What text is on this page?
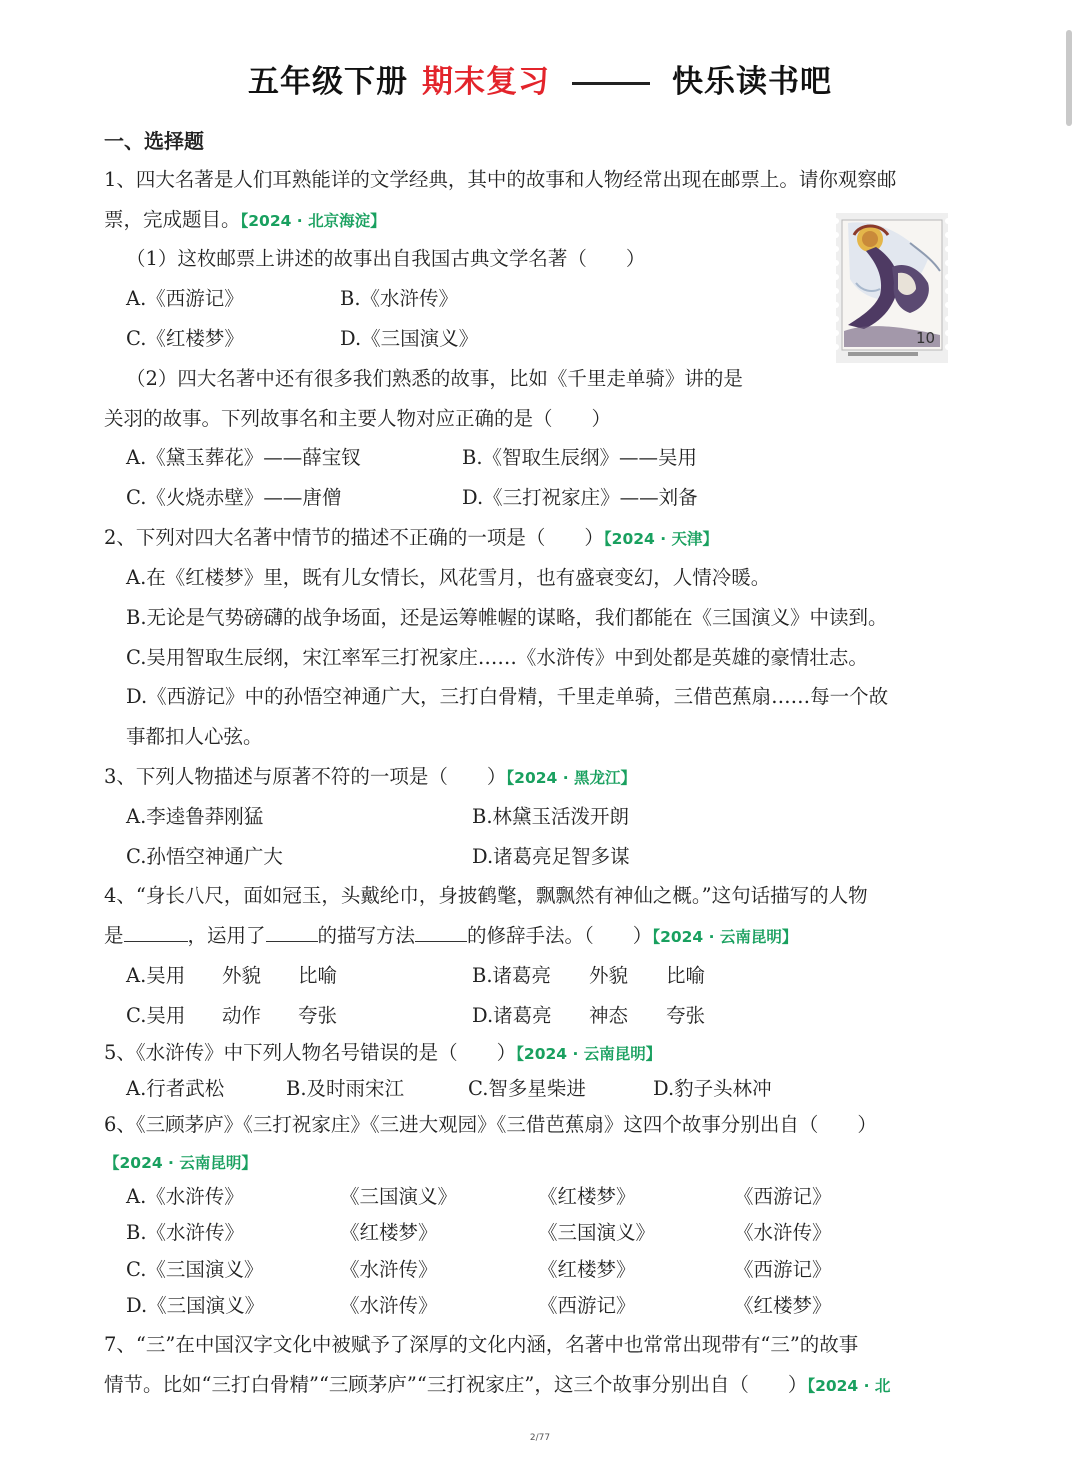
五年级下册 期末复习	快乐读书吧
一、选择题
1、四大名著是人们耳熟能详的文学经典，其中的故事和人物经常出现在邮票上。请你观察邮
票，完成题目。【2024 · 北京海淀】
（1）这枚邮票上讲述的故事出自我国古典文学名著（　　）
A.《西游记》	B.《水浒传》
C.《红楼梦》	D.《三国演义》
（2）四大名著中还有很多我们熟悉的故事，比如《千里走单骑》讲的是
关羽的故事。下列故事名和主要人物对应正确的是（　　）
A.《黛玉葬花》——薛宝钗	B.《智取生辰纲》——吴用
C.《火烧赤壁》——唐僧	D.《三打祝家庄》——刘备
10
2、下列对四大名著中情节的描述不正确的一项是（　　）【2024 · 天津】
A.在《红楼梦》里，既有儿女情长，风花雪月，也有盛衰变幻，人情冷暖。
B.无论是气势磅礴的战争场面，还是运筹帷幄的谋略，我们都能在《三国演义》中读到。
C.吴用智取生辰纲，宋江率军三打祝家庄……《水浒传》中到处都是英雄的豪情壮志。
D.《西游记》中的孙悟空神通广大，三打白骨精，千里走单骑，三借芭蕉扇……每一个故
事都扣人心弦。
3、下列人物描述与原著不符的一项是（　　）【2024 · 黑龙江】
A.李逵鲁莽刚猛	B.林黛玉活泼开朗
C.孙悟空神通广大	D.诸葛亮足智多谋
4、“身长八尺，面如冠玉，头戴纶巾，身披鹤氅，飘飘然有神仙之概。”这句话描写的人物
是	，运用了	的描写方法	的修辞手法。（　　）【2024 · 云南昆明】
A.吴用 外貌 比喻	B.诸葛亮 外貌 比喻
C.吴用 动作 夸张	D.诸葛亮 神态 夸张
5、《水浒传》中下列人物名号错误的是（　　）【2024 · 云南昆明】
A.行者武松	B.及时雨宋江	C.智多星柴进	D.豹子头林冲
6、《三顾茅庐》《三打祝家庄》《三进大观园》《三借芭蕉扇》这四个故事分别出自（　　）
【2024 · 云南昆明】
A.《水浒传》	《三国演义》	《红楼梦》	《西游记》
B.《水浒传》	《红楼梦》	《三国演义》	《水浒传》
C.《三国演义》	《水浒传》	《红楼梦》	《西游记》
D.《三国演义》	《水浒传》	《西游记》	《红楼梦》
7、“三”在中国汉字文化中被赋予了深厚的文化内涵，名著中也常常出现带有“三”的故事
情节。比如“三打白骨精”“三顾茅庐”“三打祝家庄”，这三个故事分别出自（　　）【2024 · 北
2/77
